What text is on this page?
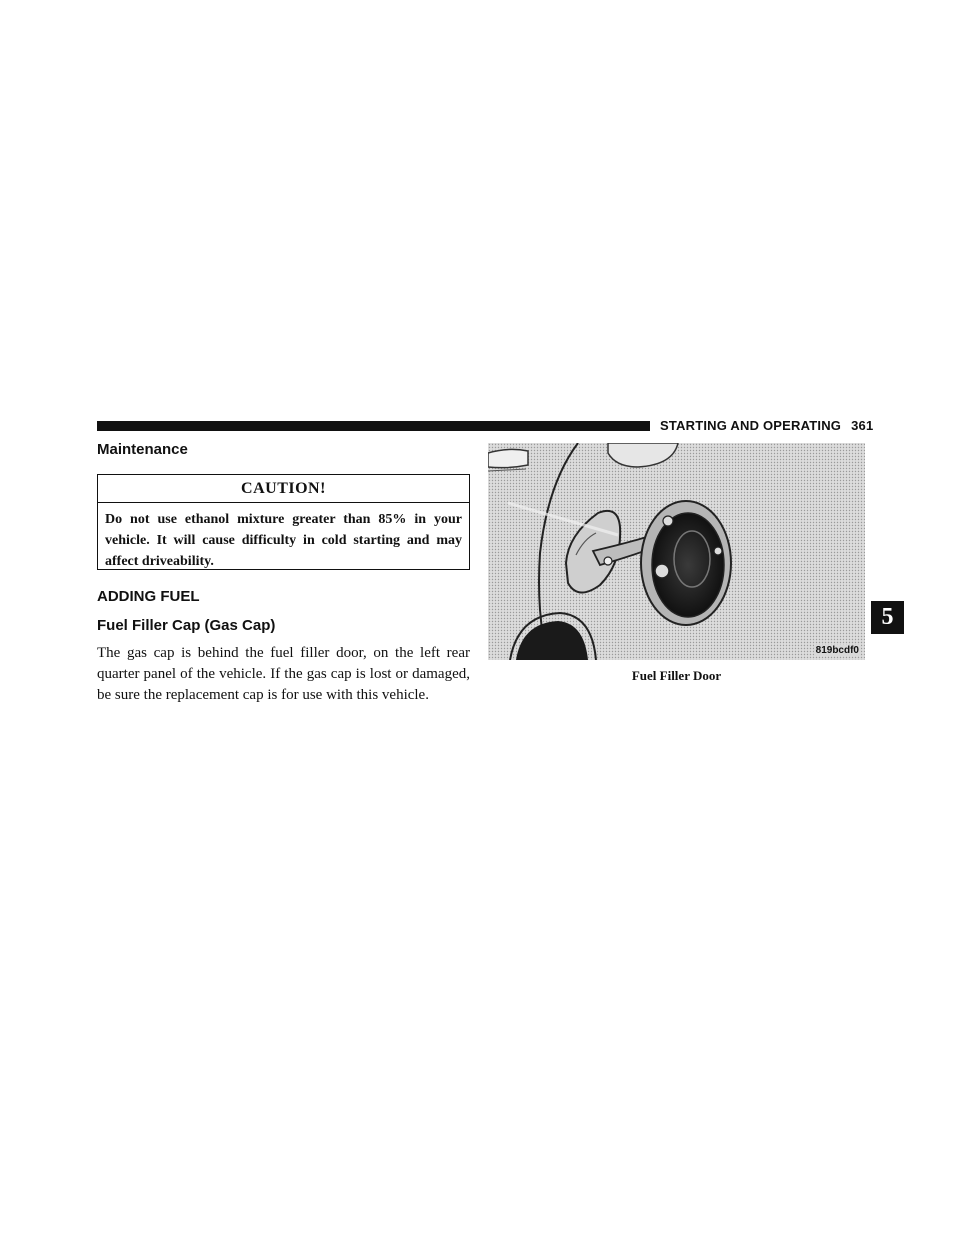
STARTING AND OPERATING 361
Maintenance
CAUTION!
Do not use ethanol mixture greater than 85% in your vehicle. It will cause difficulty in cold starting and may affect driveability.
ADDING FUEL
Fuel Filler Cap (Gas Cap)
The gas cap is behind the fuel filler door, on the left rear quarter panel of the vehicle. If the gas cap is lost or damaged, be sure the replacement cap is for use with this vehicle.
819bcdf0
Fuel Filler Door
5
